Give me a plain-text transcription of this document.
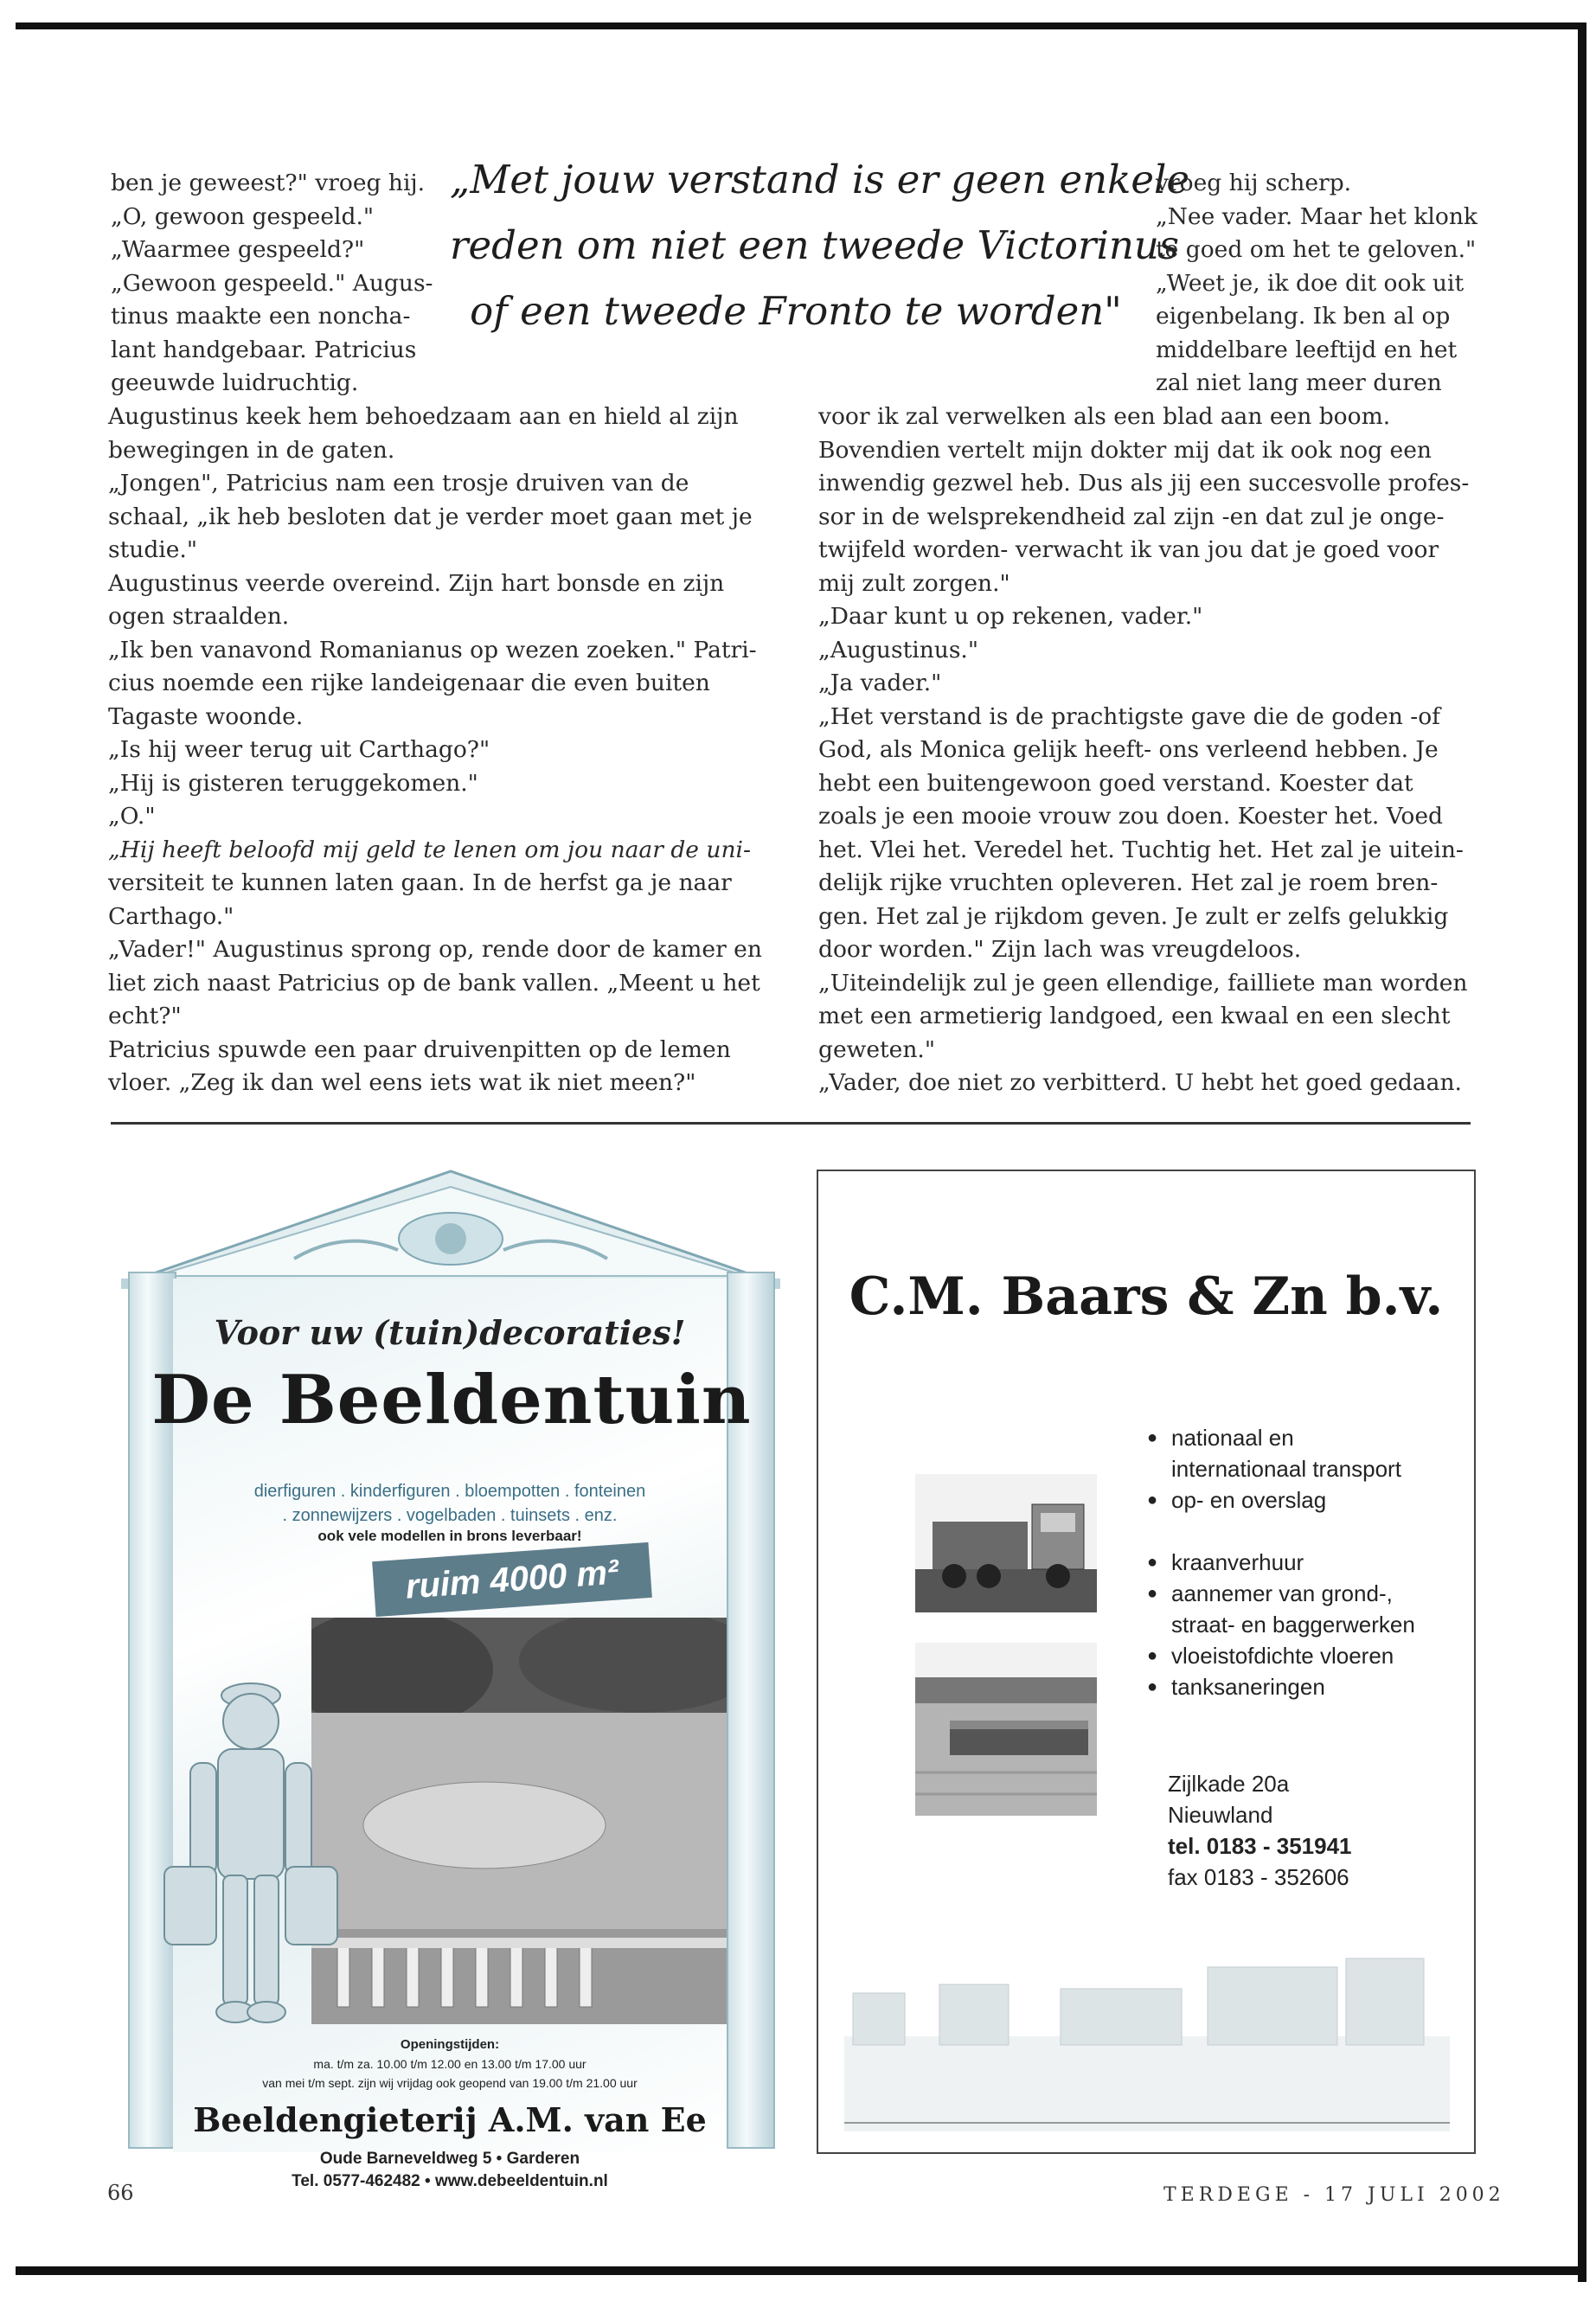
ben je geweest?" vroeg hij.

„O, gewoon gespeeld."

„Waarmee gespeeld?"

„Gewoon gespeeld." Augus-

tinus maakte een noncha-

lant handgebaar. Patricius

geeuwde luidruchtig.

„Met jouw verstand is er geen enkele

reden om niet een tweede Victorinus

of een tweede Fronto te worden"

vroeg hij scherp.

„Nee vader. Maar het klonk

te goed om het te geloven."

„Weet je, ik doe dit ook uit

eigenbelang. Ik ben al op

middelbare leeftijd en het

zal niet lang meer duren

Augustinus keek hem behoedzaam aan en hield al zijn

bewegingen in de gaten.

„Jongen", Patricius nam een trosje druiven van de

schaal, „ik heb besloten dat je verder moet gaan met je

studie."

Augustinus veerde overeind. Zijn hart bonsde en zijn

ogen straalden.

„Ik ben vanavond Romanianus op wezen zoeken." Patri-

cius noemde een rijke landeigenaar die even buiten

Tagaste woonde.

„Is hij weer terug uit Carthago?"

„Hij is gisteren teruggekomen."

„O."

„Hij heeft beloofd mij geld te lenen om jou naar de uni-

versiteit te kunnen laten gaan. In de herfst ga je naar

Carthago."

„Vader!" Augustinus sprong op, rende door de kamer en

liet zich naast Patricius op de bank vallen. „Meent u het

echt?"

Patricius spuwde een paar druivenpitten op de lemen

vloer. „Zeg ik dan wel eens iets wat ik niet meen?"

voor ik zal verwelken als een blad aan een boom.

Bovendien vertelt mijn dokter mij dat ik ook nog een

inwendig gezwel heb. Dus als jij een succesvolle profes-

sor in de welsprekendheid zal zijn -en dat zul je onge-

twijfeld worden- verwacht ik van jou dat je goed voor

mij zult zorgen."

„Daar kunt u op rekenen, vader."

„Augustinus."

„Ja vader."

„Het verstand is de prachtigste gave die de goden -of

God, als Monica gelijk heeft- ons verleend hebben. Je

hebt een buitengewoon goed verstand. Koester dat

zoals je een mooie vrouw zou doen. Koester het. Voed

het. Vlei het. Veredel het. Tuchtig het. Het zal je uitein-

delijk rijke vruchten opleveren. Het zal je roem bren-

gen. Het zal je rijkdom geven. Je zult er zelfs gelukkig

door worden." Zijn lach was vreugdeloos.

„Uiteindelijk zul je geen ellendige, failliete man worden

met een armetierig landgoed, een kwaal en een slecht

geweten."

„Vader, doe niet zo verbitterd. U hebt het goed gedaan.

Voor uw (tuin)decoraties!
De Beeldentuin

dierfiguren . kinderfiguren . bloempotten . fonteinen

. zonnewijzers . vogelbaden . tuinsets . enz.

ook vele modellen in brons leverbaar!
ruim 4000 m²

Openingstijden:

ma. t/m za. 10.00 t/m 12.00 en 13.00 t/m 17.00 uur

van mei t/m sept. zijn wij vrijdag ook geopend van 19.00 t/m 21.00 uur

Beeldengieterij A.M. van Ee

Oude Barneveldweg 5 • Garderen

Tel. 0577-462482 • www.debeeldentuin.nl

C.M. Baars & Zn b.v.
● nationaal en
internationaal transport
● op- en overslag
● kraanverhuur
● aannemer van grond-,
straat- en baggerwerken
● vloeistofdichte vloeren
● tanksaneringen

Zijlkade 20a

Nieuwland

tel. 0183 - 351941

fax 0183 - 352606

66	TERDEGE - 17 JULI 2002
